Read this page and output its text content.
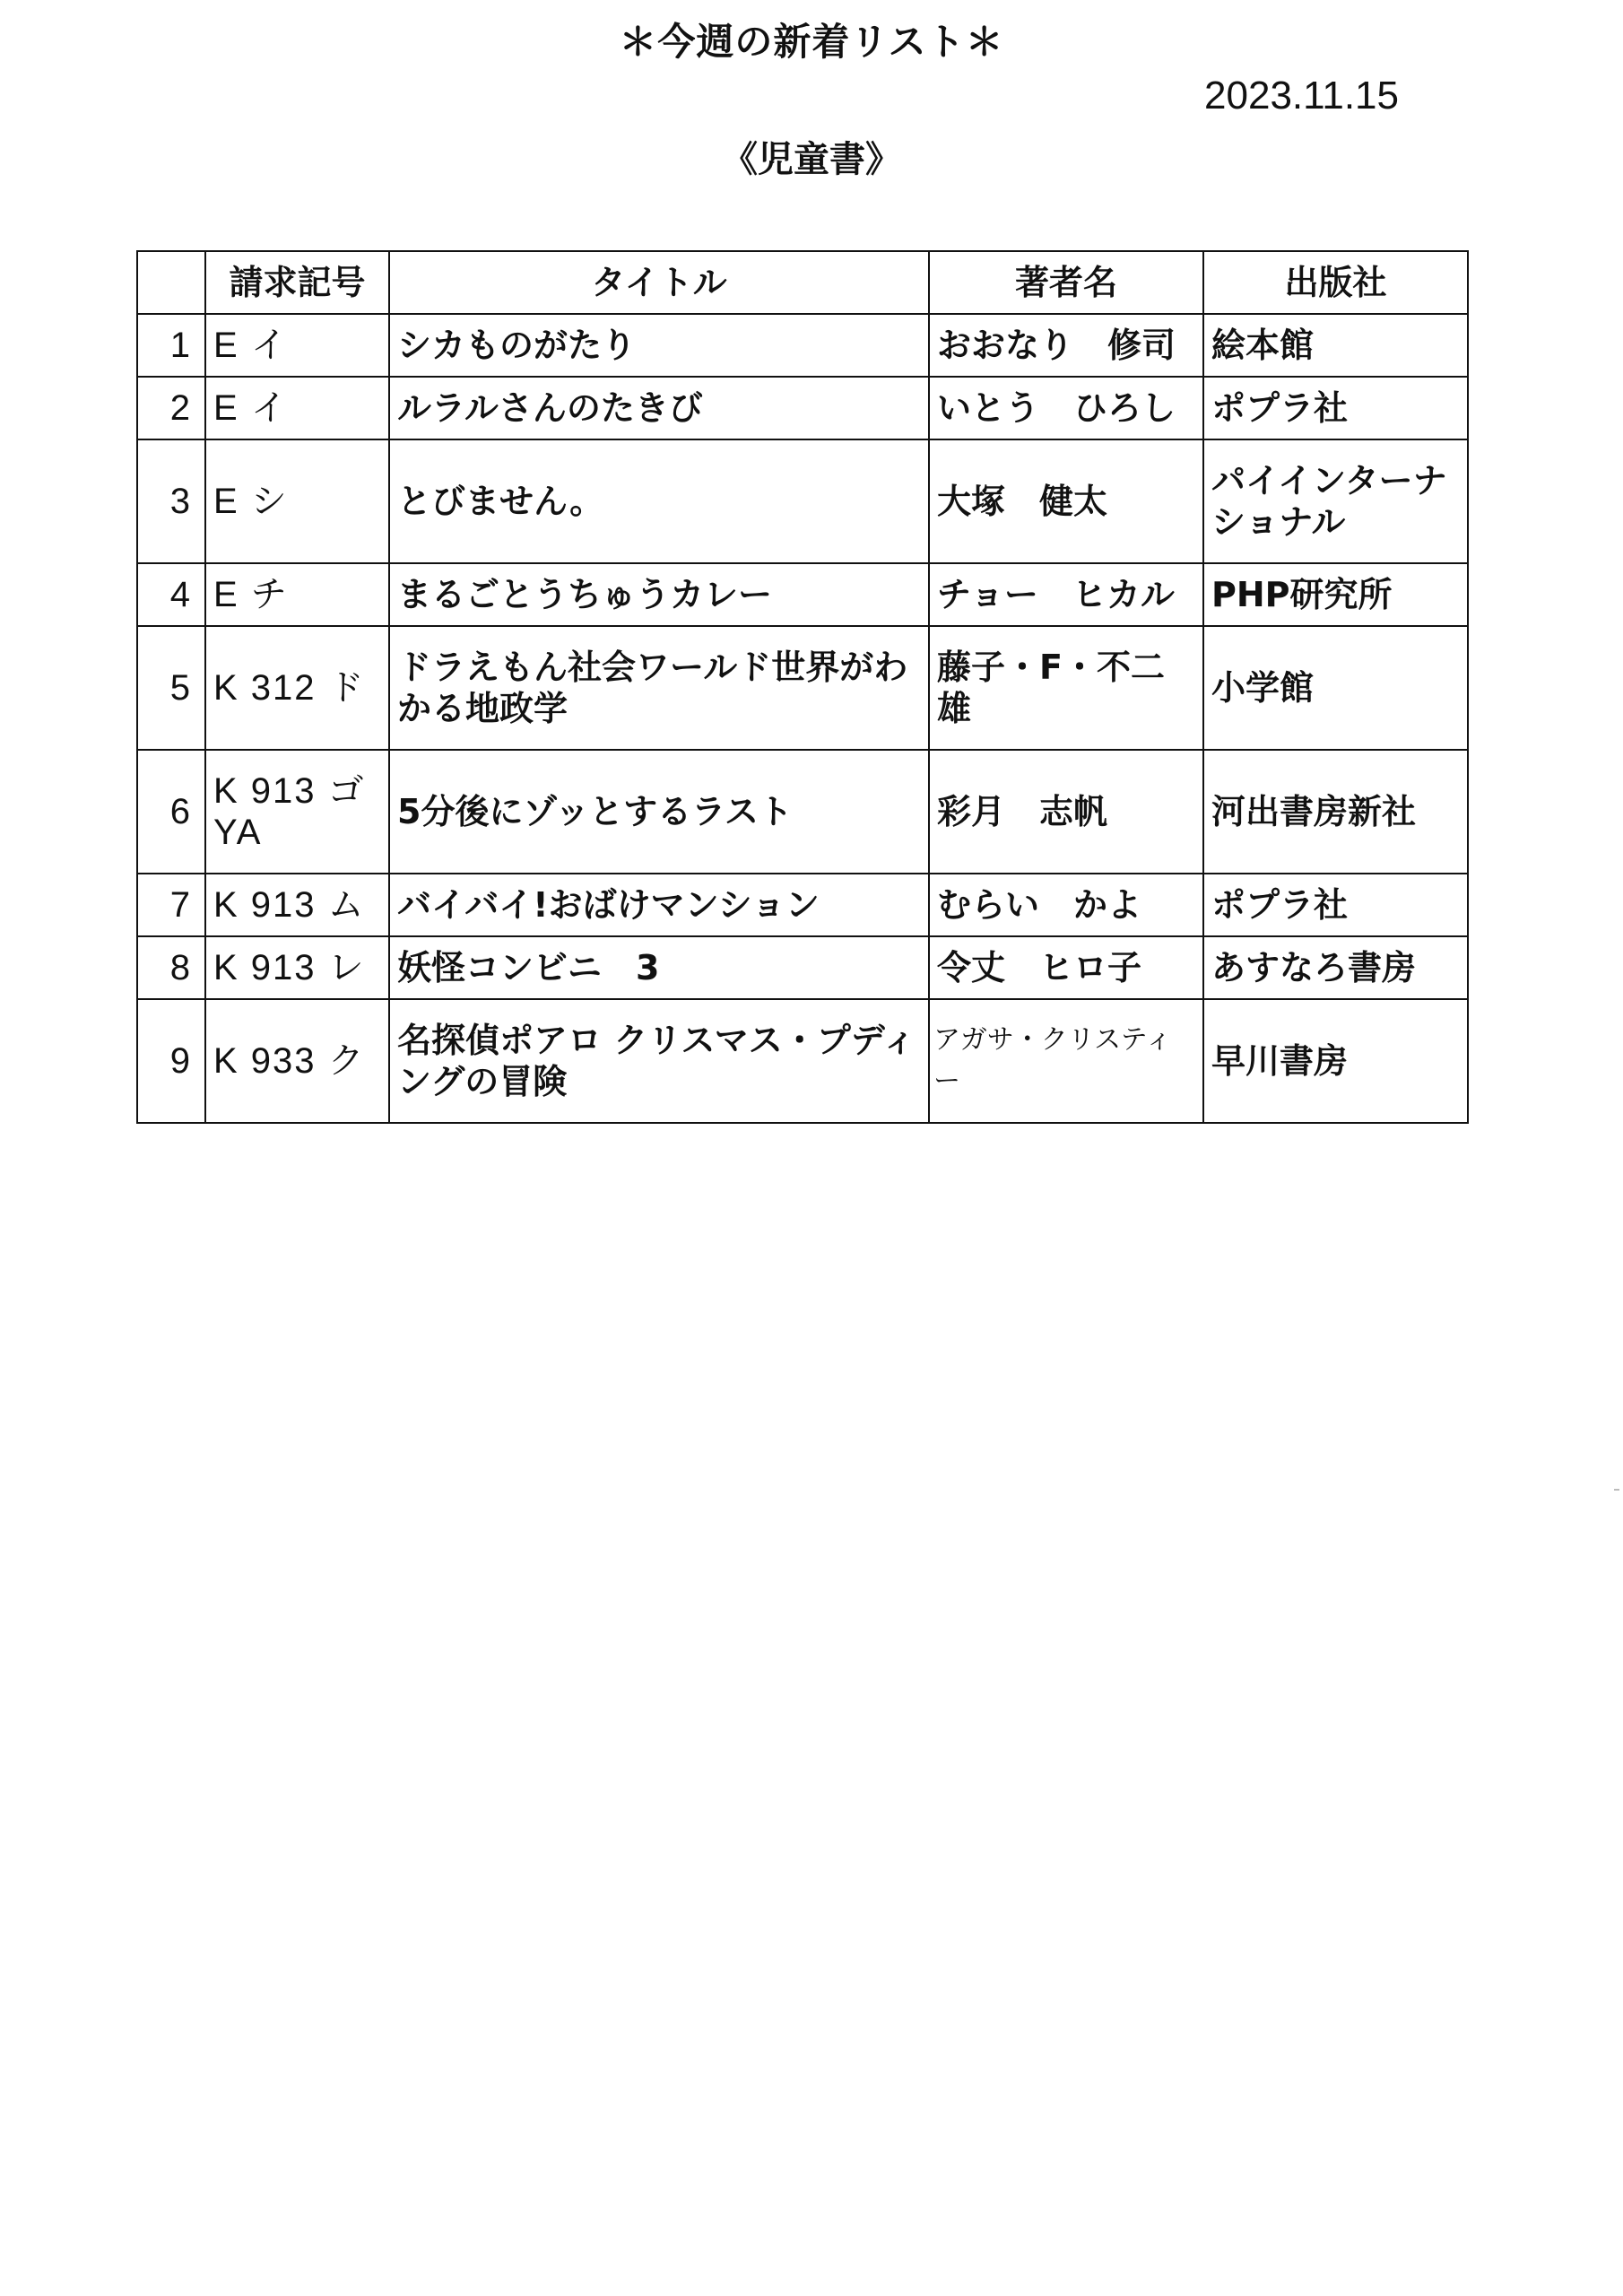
＊今週の新着リスト＊
2023.11.15
《児童書》
	請求記号	タイトル	著者名	出版社
1	E イ	シカものがたり	おおなり　修司	絵本館
2	E イ	ルラルさんのたきび	いとう　ひろし	ポプラ社
3	E シ	とびません。	大塚　健太	パイインターナショナル
4	E チ	まるごとうちゅうカレー	チョー　ヒカル	PHP研究所
5	K 312 ド	ドラえもん社会ワールド世界がわかる地政学	藤子・F・不二雄	小学館
6	K 913 ゴ YA	5分後にゾッとするラスト	彩月　志帆	河出書房新社
7	K 913 ム	バイバイ!おばけマンション	むらい　かよ	ポプラ社
8	K 913 レ	妖怪コンビニ　3	令丈　ヒロ子	あすなろ書房
9	K 933 ク	名探偵ポアロ クリスマス・プディングの冒険	アガサ・クリスティー	早川書房
